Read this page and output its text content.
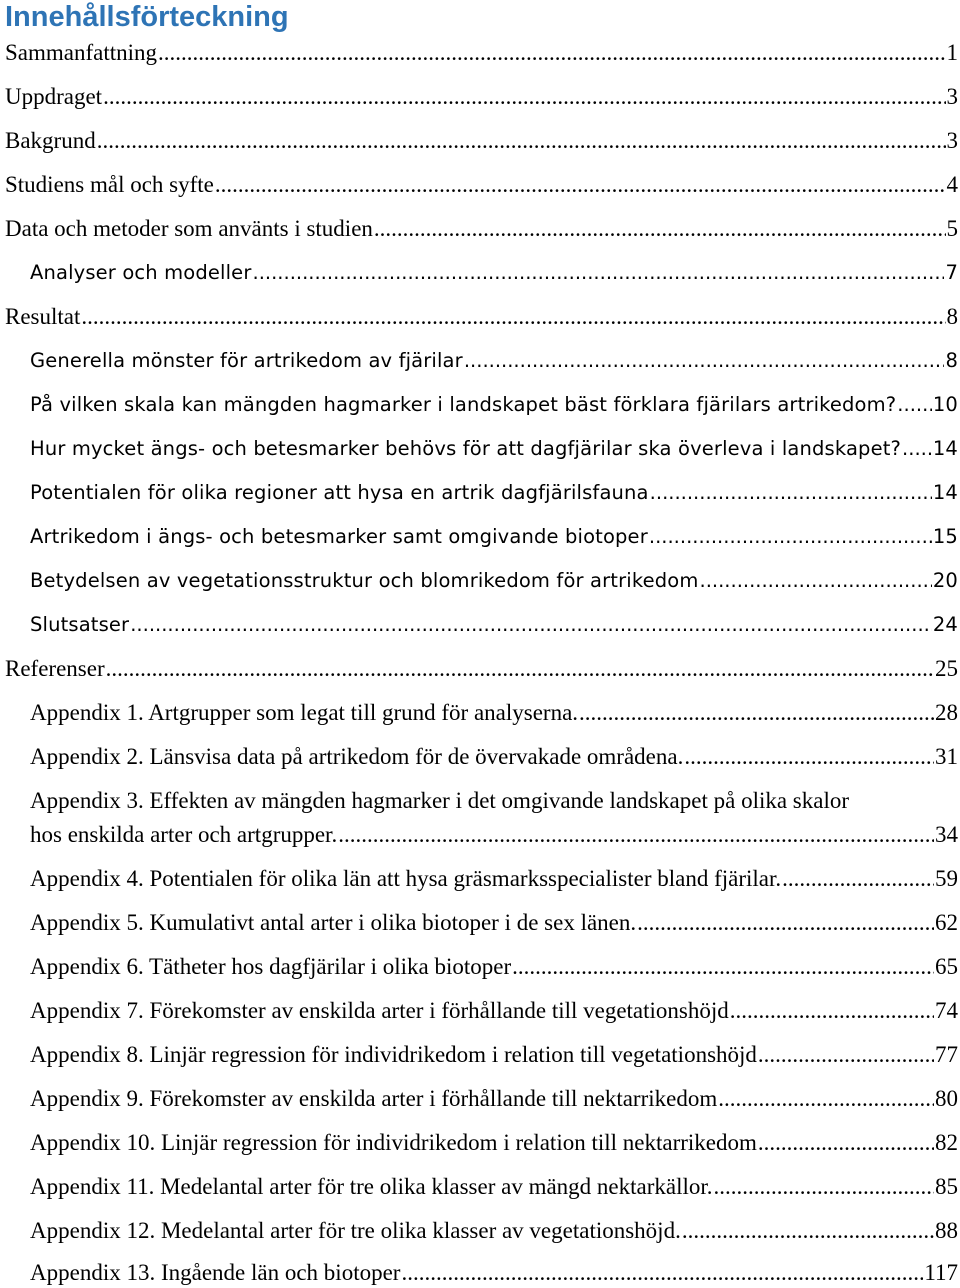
Innehållsförteckning
Sammanfattning .....	1
Uppdraget .....	3
Bakgrund .....	3
Studiens mål och syfte .....	4
Data och metoder som använts i studien .....	5
Analyser och modeller .....	7
Resultat .....	8
Generella mönster för artrikedom av fjärilar .....	8
På vilken skala kan mängden hagmarker i landskapet bäst förklara fjärilars artrikedom? ..... 10
Hur mycket ängs- och betesmarker behövs för att dagfjärilar ska överleva i landskapet? ..... 14
Potentialen för olika regioner att hysa en artrik dagfjärilsfauna .....	14
Artrikedom i ängs- och betesmarker samt omgivande biotoper .....	15
Betydelsen av vegetationsstruktur och blomrikedom för artrikedom .....	20
Slutsatser .....	24
Referenser .....	25
Appendix 1. Artgrupper som legat till grund för analyserna. .....	28
Appendix 2. Länsvisa data på artrikedom för de övervakade områdena. .....	31
Appendix 3. Effekten av mängden hagmarker i det omgivande landskapet på olika skalor
hos enskilda arter och artgrupper. .....	34
Appendix 4. Potentialen för olika län att hysa gräsmarksspecialister bland fjärilar. .....	59
Appendix 5. Kumulativt antal arter i olika biotoper i de sex länen. .....	62
Appendix 6. Tätheter hos dagfjärilar i olika biotoper .....	65
Appendix 7. Förekomster av enskilda arter i förhållande till vegetationshöjd .....	74
Appendix 8. Linjär regression för individrikedom i relation till vegetationshöjd .....	77
Appendix 9. Förekomster av enskilda arter i förhållande till nektarrikedom .....	80
Appendix 10. Linjär regression för individrikedom i relation till nektarrikedom .....	82
Appendix 11. Medelantal arter för tre olika klasser av mängd nektarkällor. .....	85
Appendix 12. Medelantal arter för tre olika klasser av vegetationshöjd. .....	88
Appendix 13. Ingående län och biotoper .....	117
